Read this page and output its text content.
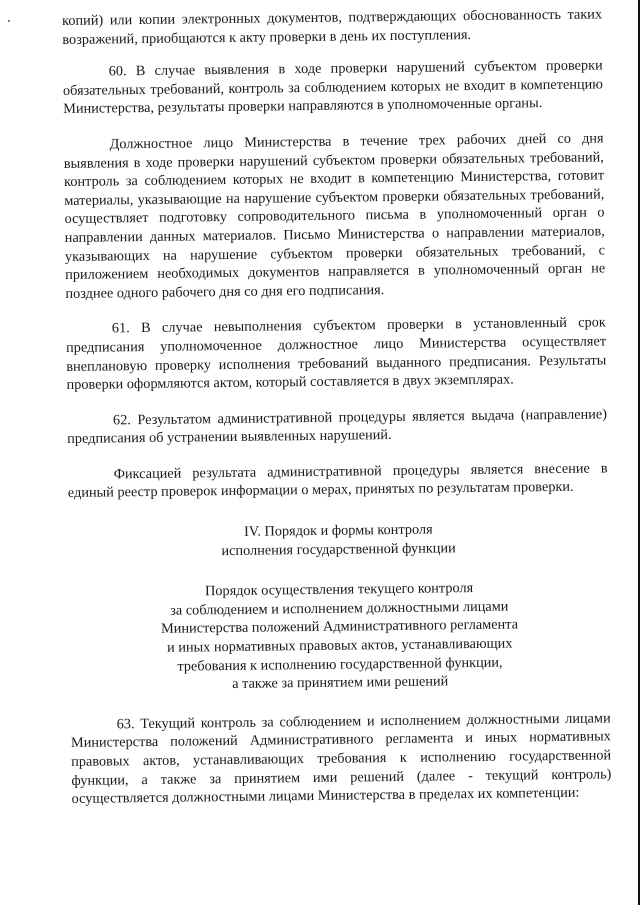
копий) или копии электронных документов, подтверждающих обоснованность таких возражений, приобщаются к акту проверки в день их поступления.

60. В случае выявления в ходе проверки нарушений субъектом проверки обязательных требований, контроль за соблюдением которых не входит в компетенцию Министерства, результаты проверки направляются в уполномоченные органы.

Должностное лицо Министерства в течение трех рабочих дней со дня выявления в ходе проверки нарушений субъектом проверки обязательных требований, контроль за соблюдением которых не входит в компетенцию Министерства, готовит материалы, указывающие на нарушение субъектом проверки обязательных требований, осуществляет подготовку сопроводительного письма в уполномоченный орган о направлении данных материалов. Письмо Министерства о направлении материалов, указывающих на нарушение субъектом проверки обязательных требований, с приложением необходимых документов направляется в уполномоченный орган не позднее одного рабочего дня со дня его подписания.

61. В случае невыполнения субъектом проверки в установленный срок предписания уполномоченное должностное лицо Министерства осуществляет внеплановую проверку исполнения требований выданного предписания. Результаты проверки оформляются актом, который составляется в двух экземплярах.

62. Результатом административной процедуры является выдача (направление) предписания об устранении выявленных нарушений.

Фиксацией результата административной процедуры является внесение в единый реестр проверок информации о мерах, принятых по результатам проверки.

IV. Порядок и формы контроля

исполнения государственной функции

Порядок осуществления текущего контроля

за соблюдением и исполнением должностными лицами

Министерства положений Административного регламента

и иных нормативных правовых актов, устанавливающих

требования к исполнению государственной функции,

а также за принятием ими решений

63. Текущий контроль за соблюдением и исполнением должностными лицами Министерства положений Административного регламента и иных нормативных правовых актов, устанавливающих требования к исполнению государственной функции, а также за принятием ими решений (далее - текущий контроль) осуществляется должностными лицами Министерства в пределах их компетенции:
